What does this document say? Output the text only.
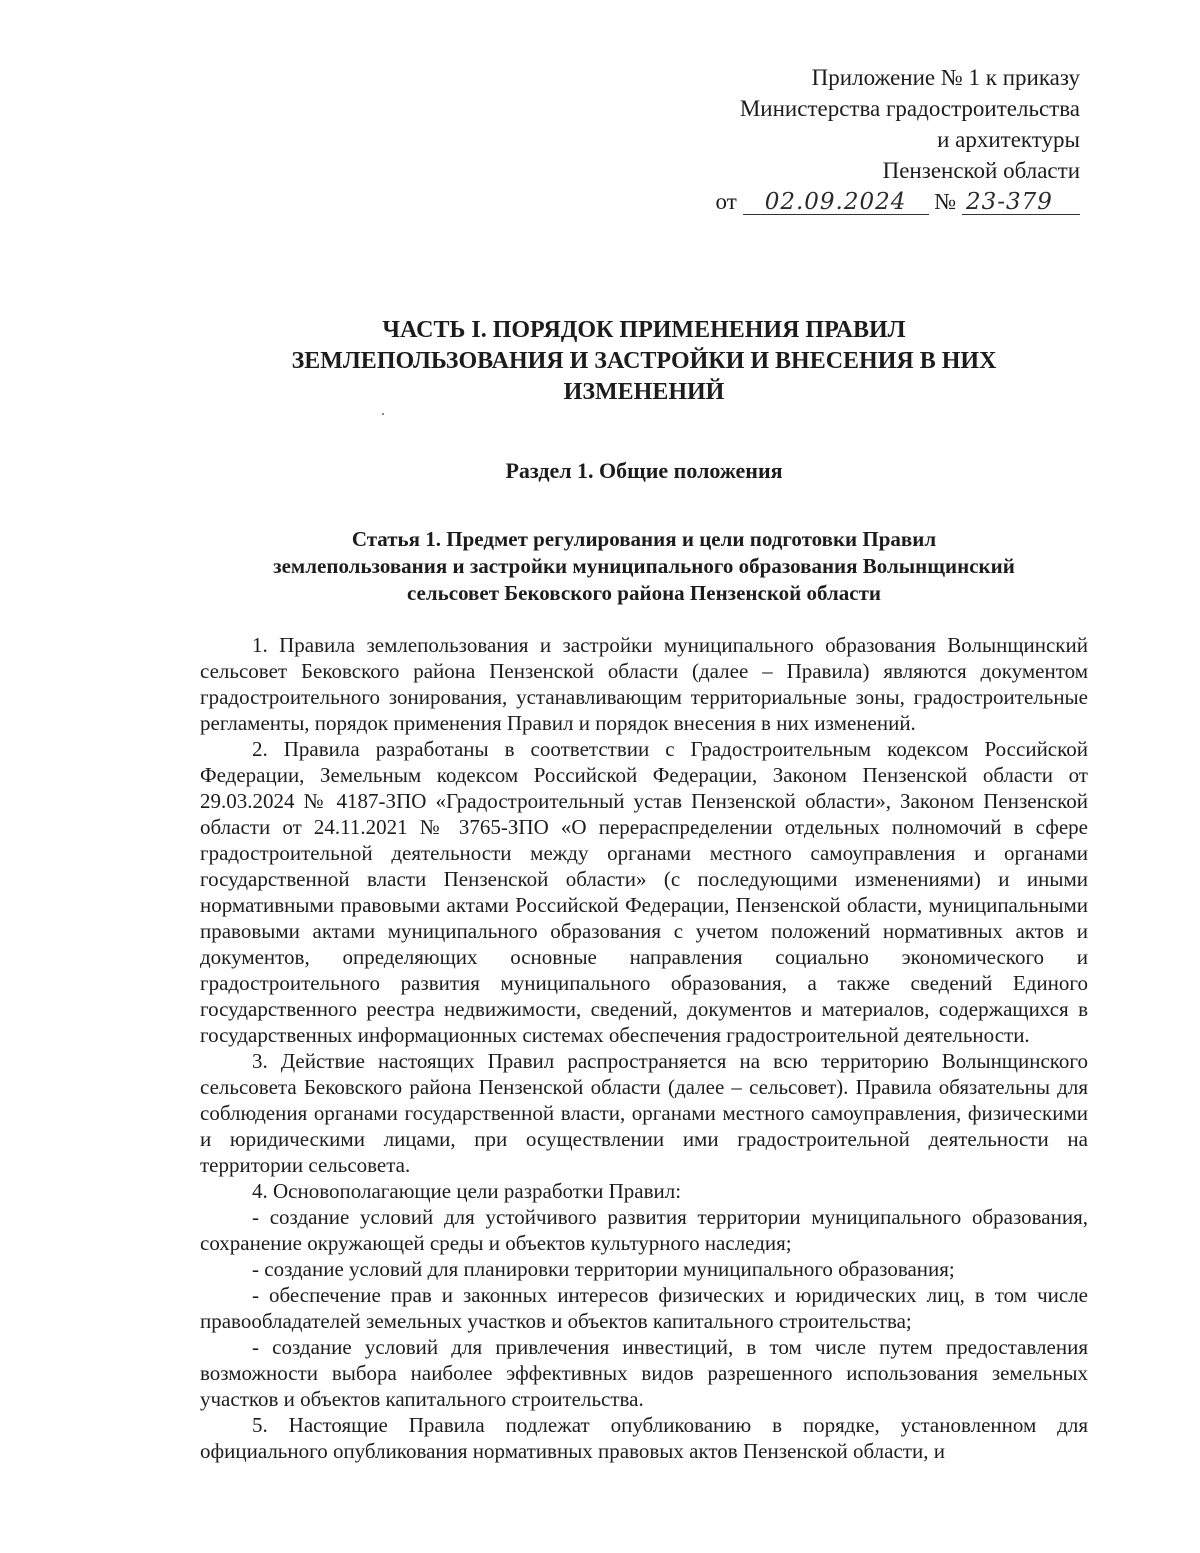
Приложение № 1 к приказу
Министерства градостроительства
и архитектуры
Пензенской области
от 02.09.2024 № 23-379
ЧАСТЬ I. ПОРЯДОК ПРИМЕНЕНИЯ ПРАВИЛ
ЗЕМЛЕПОЛЬЗОВАНИЯ И ЗАСТРОЙКИ И ВНЕСЕНИЯ В НИХ
ИЗМЕНЕНИЙ
Раздел 1. Общие положения
Статья 1. Предмет регулирования и цели подготовки Правил
землепользования и застройки муниципального образования Волынщинский
сельсовет Бековского района Пензенской области

1. Правила землепользования и застройки муниципального образования Волынщинский сельсовет Бековского района Пензенской области (далее – Правила) являются документом градостроительного зонирования, устанавливающим территориальные зоны, градостроительные регламенты, порядок применения Правил и порядок внесения в них изменений.

2. Правила разработаны в соответствии с Градостроительным кодексом Российской Федерации, Земельным кодексом Российской Федерации, Законом Пензенской области от 29.03.2024 № 4187-ЗПО «Градостроительный устав Пензенской области», Законом Пензенской области от 24.11.2021 № 3765-ЗПО «О перераспределении отдельных полномочий в сфере градостроительной деятельности между органами местного самоуправления и органами государственной власти Пензенской области» (с последующими изменениями) и иными нормативными правовыми актами Российской Федерации, Пензенской области, муниципальными правовыми актами муниципального образования с учетом положений нормативных актов и документов, определяющих основные направления социально экономического и градостроительного развития муниципального образования, а также сведений Единого государственного реестра недвижимости, сведений, документов и материалов, содержащихся в государственных информационных системах обеспечения градостроительной деятельности.

3. Действие настоящих Правил распространяется на всю территорию Волынщинского сельсовета Бековского района Пензенской области (далее – сельсовет). Правила обязательны для соблюдения органами государственной власти, органами местного самоуправления, физическими и юридическими лицами, при осуществлении ими градостроительной деятельности на территории сельсовета.

4. Основополагающие цели разработки Правил:

- создание условий для устойчивого развития территории муниципального образования, сохранение окружающей среды и объектов культурного наследия;

- создание условий для планировки территории муниципального образования;

- обеспечение прав и законных интересов физических и юридических лиц, в том числе правообладателей земельных участков и объектов капитального строительства;

- создание условий для привлечения инвестиций, в том числе путем предоставления возможности выбора наиболее эффективных видов разрешенного использования земельных участков и объектов капитального строительства.

5. Настоящие Правила подлежат опубликованию в порядке, установленном для официального опубликования нормативных правовых актов Пензенской области, и
